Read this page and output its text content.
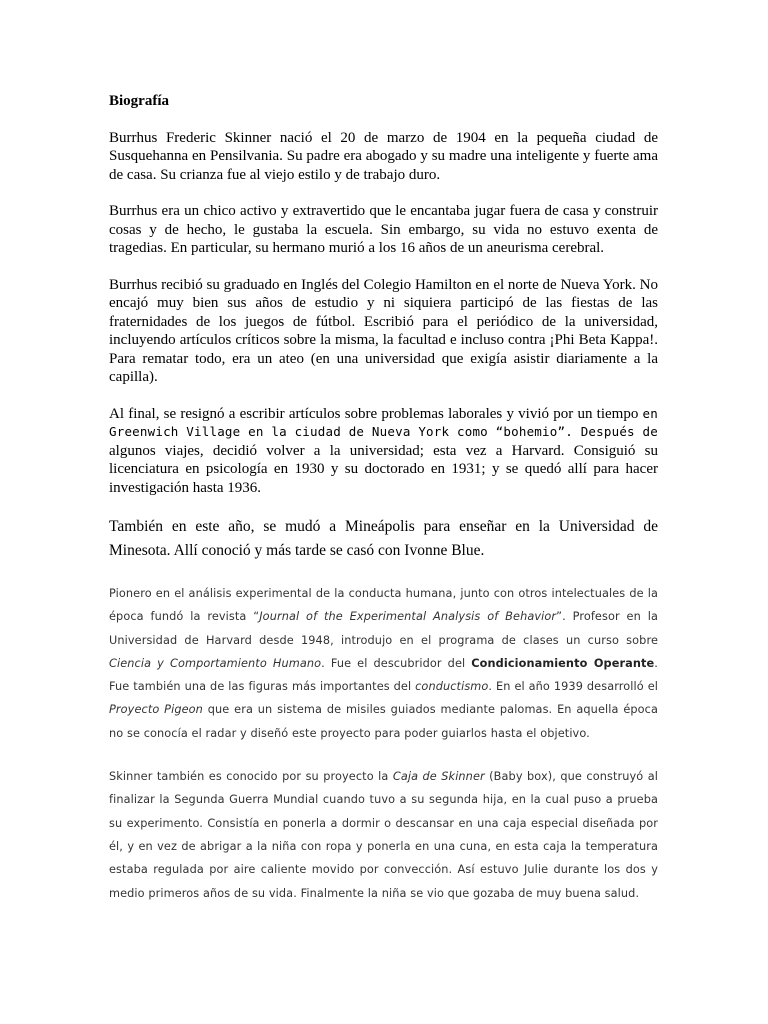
Biografía

Burrhus Frederic Skinner nació el 20 de marzo de 1904 en la pequeña ciudad de Susquehanna en Pensilvania. Su padre era abogado y su madre una inteligente y fuerte ama de casa. Su crianza fue al viejo estilo y de trabajo duro.

Burrhus era un chico activo y extravertido que le encantaba jugar fuera de casa y construir cosas y de hecho, le gustaba la escuela. Sin embargo, su vida no estuvo exenta de tragedias. En particular, su hermano murió a los 16 años de un aneurisma cerebral.

Burrhus recibió su graduado en Inglés del Colegio Hamilton en el norte de Nueva York. No encajó muy bien sus años de estudio y ni siquiera participó de las fiestas de las fraternidades de los juegos de fútbol. Escribió para el periódico de la universidad, incluyendo artículos críticos sobre la misma, la facultad e incluso contra ¡Phi Beta Kappa!. Para rematar todo, era un ateo (en una universidad que exigía asistir diariamente a la capilla).

Al final, se resignó a escribir artículos sobre problemas laborales y vivió por un tiempo en Greenwich Village en la ciudad de Nueva York como “bohemio”. Después de algunos viajes, decidió volver a la universidad; esta vez a Harvard. Consiguió su licenciatura en psicología en 1930 y su doctorado en 1931; y se quedó allí para hacer investigación hasta 1936.

También en este año, se mudó a Mineápolis para enseñar en la Universidad de Minesota. Allí conoció y más tarde se casó con Ivonne Blue.

Pionero en el análisis experimental de la conducta humana, junto con otros intelectuales de la época fundó la revista “Journal of the Experimental Analysis of Behavior”. Profesor en la Universidad de Harvard desde 1948, introdujo en el programa de clases un curso sobre Ciencia y Comportamiento Humano. Fue el descubridor del Condicionamiento Operante. Fue también una de las figuras más importantes del conductismo. En el año 1939 desarrolló el Proyecto Pigeon que era un sistema de misiles guiados mediante palomas. En aquella época no se conocía el radar y diseñó este proyecto para poder guiarlos hasta el objetivo.

Skinner también es conocido por su proyecto la Caja de Skinner (Baby box), que construyó al finalizar la Segunda Guerra Mundial cuando tuvo a su segunda hija, en la cual puso a prueba su experimento. Consistía en ponerla a dormir o descansar en una caja especial diseñada por él, y en vez de abrigar a la niña con ropa y ponerla en una cuna, en esta caja la temperatura estaba regulada por aire caliente movido por convección. Así estuvo Julie durante los dos y medio primeros años de su vida. Finalmente la niña se vio que gozaba de muy buena salud.
